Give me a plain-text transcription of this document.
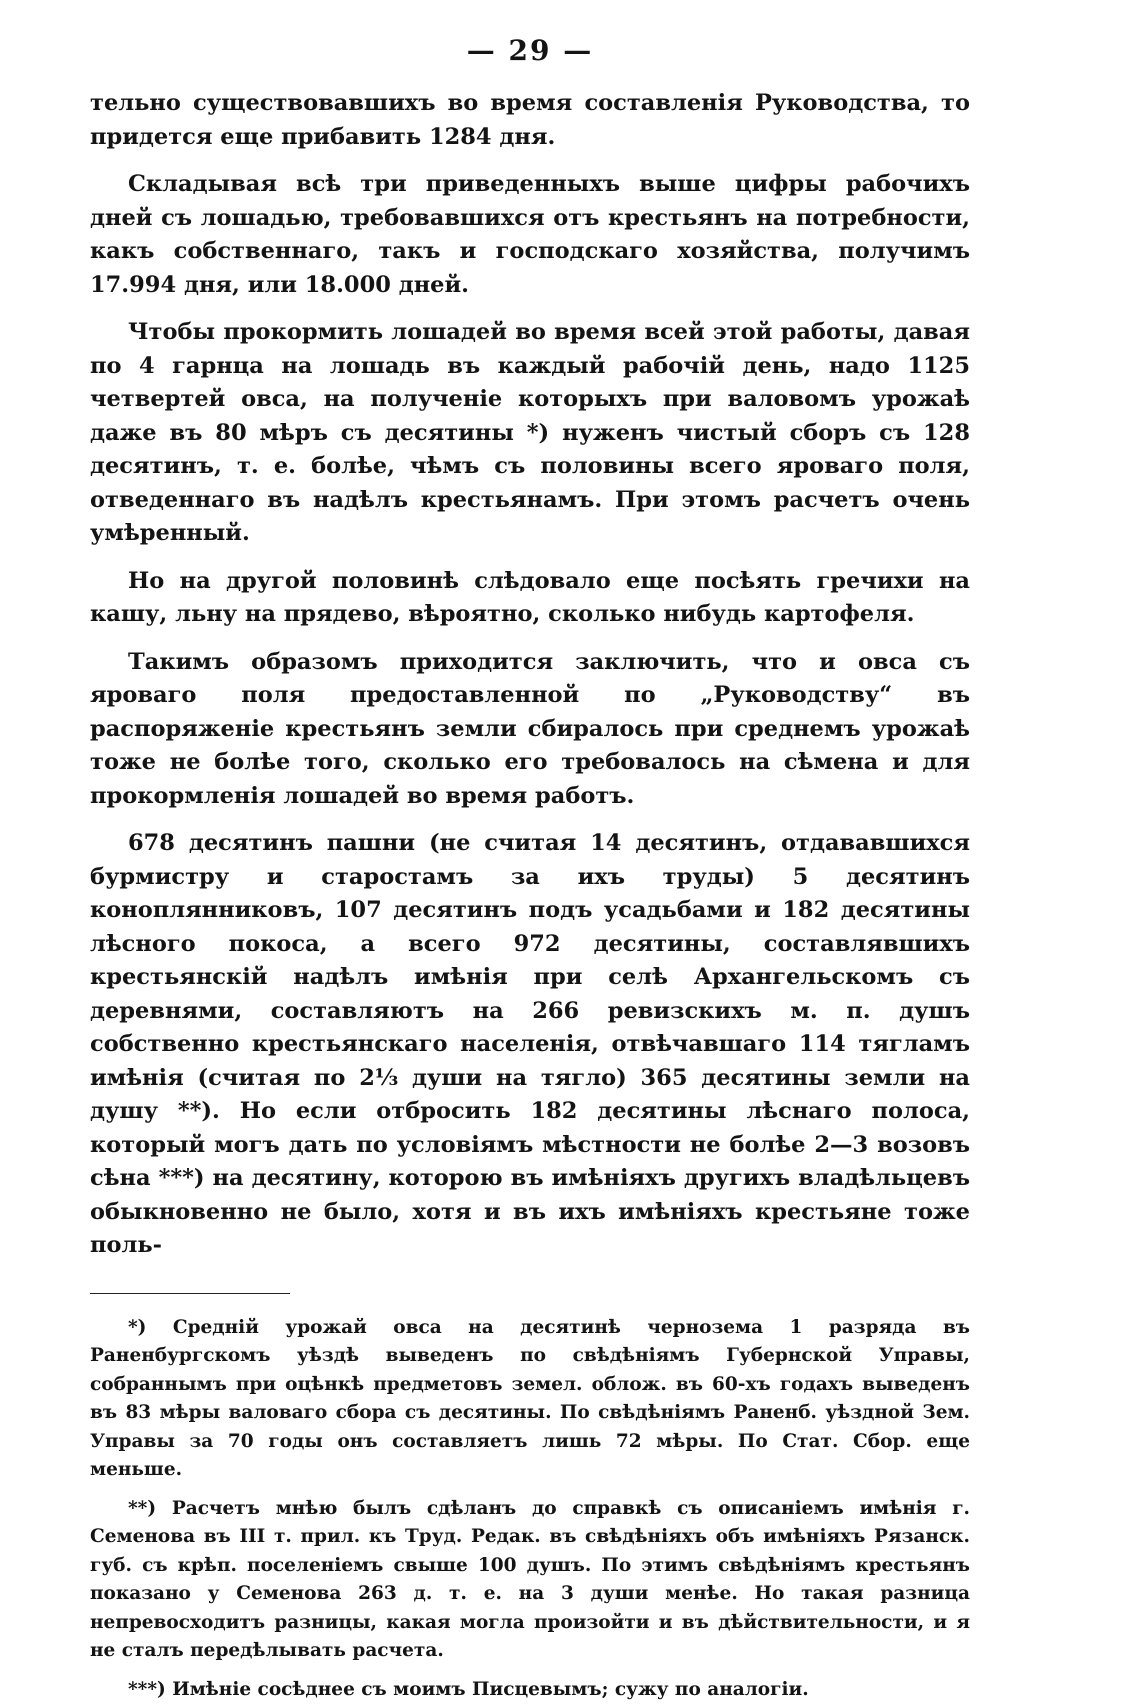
— 29 —

тельно существовавшихъ во время составленія Руководства, то придется еще прибавить 1284 дня.

Складывая всѣ три приведенныхъ выше цифры рабочихъ дней съ лошадью, требовавшихся отъ крестьянъ на потребности, какъ собственнаго, такъ и господскаго хозяйства, получимъ 17.994 дня, или 18.000 дней.

Чтобы прокормить лошадей во время всей этой работы, давая по 4 гарнца на лошадь въ каждый рабочій день, надо 1125 четвертей овса, на полученіе которыхъ при валовомъ урожаѣ даже въ 80 мѣръ съ десятины *) нуженъ чистый сборъ съ 128 десятинъ, т. е. болѣе, чѣмъ съ половины всего яроваго поля, отведеннаго въ надѣлъ крестьянамъ. При этомъ расчетъ очень умѣренный.

Но на другой половинѣ слѣдовало еще посѣять гречихи на кашу, льну на прядево, вѣроятно, сколько нибудь картофеля.

Такимъ образомъ приходится заключить, что и овса съ яроваго поля предоставленной по „Руководству“ въ распоряженіе крестьянъ земли сбиралось при среднемъ урожаѣ тоже не болѣе того, сколько его требовалось на сѣмена и для прокормленія лошадей во время работъ.

678 десятинъ пашни (не считая 14 десятинъ, отдававшихся бурмистру и старостамъ за ихъ труды) 5 десятинъ коноплянниковъ, 107 десятинъ подъ усадьбами и 182 десятины лѣсного покоса, а всего 972 десятины, составлявшихъ крестьянскій надѣлъ имѣнія при селѣ Архангельскомъ съ деревнями, составляютъ на 266 ревизскихъ м. п. душъ собственно крестьянскаго населенія, отвѣчавшаго 114 тягламъ имѣнія (считая по 2⅓ души на тягло) 365 десятины земли на душу **). Но если отбросить 182 десятины лѣснаго полоса, который могъ дать по условіямъ мѣстности не болѣе 2—3 возовъ сѣна ***) на десятину, которою въ имѣніяхъ другихъ владѣльцевъ обыкновенно не было, хотя и въ ихъ имѣніяхъ крестьяне тоже поль-

*) Средній урожай овса на десятинѣ чернозема 1 разряда въ Раненбургскомъ уѣздѣ выведенъ по свѣдѣніямъ Губернской Управы, собраннымъ при оцѣнкѣ предметовъ земел. облож. въ 60-хъ годахъ выведенъ въ 83 мѣры валоваго сбора съ десятины. По свѣдѣніямъ Раненб. уѣздной Зем. Управы за 70 годы онъ составляетъ лишь 72 мѣры. По Стат. Сбор. еще меньше.

**) Расчетъ мнѣю былъ сдѣланъ до справкѣ съ описаніемъ имѣнія г. Семенова въ III т. прил. къ Труд. Редак. въ свѣдѣніяхъ объ имѣніяхъ Рязанск. губ. съ крѣп. поселеніемъ свыше 100 душъ. По этимъ свѣдѣніямъ крестьянъ показано у Семенова 263 д. т. е. на 3 души менѣе. Но такая разница непревосходитъ разницы, какая могла произойти и въ дѣйствительности, и я не сталъ передѣлывать расчета.

***) Имѣніе сосѣднее съ моимъ Писцевымъ; сужу по аналогіи.
